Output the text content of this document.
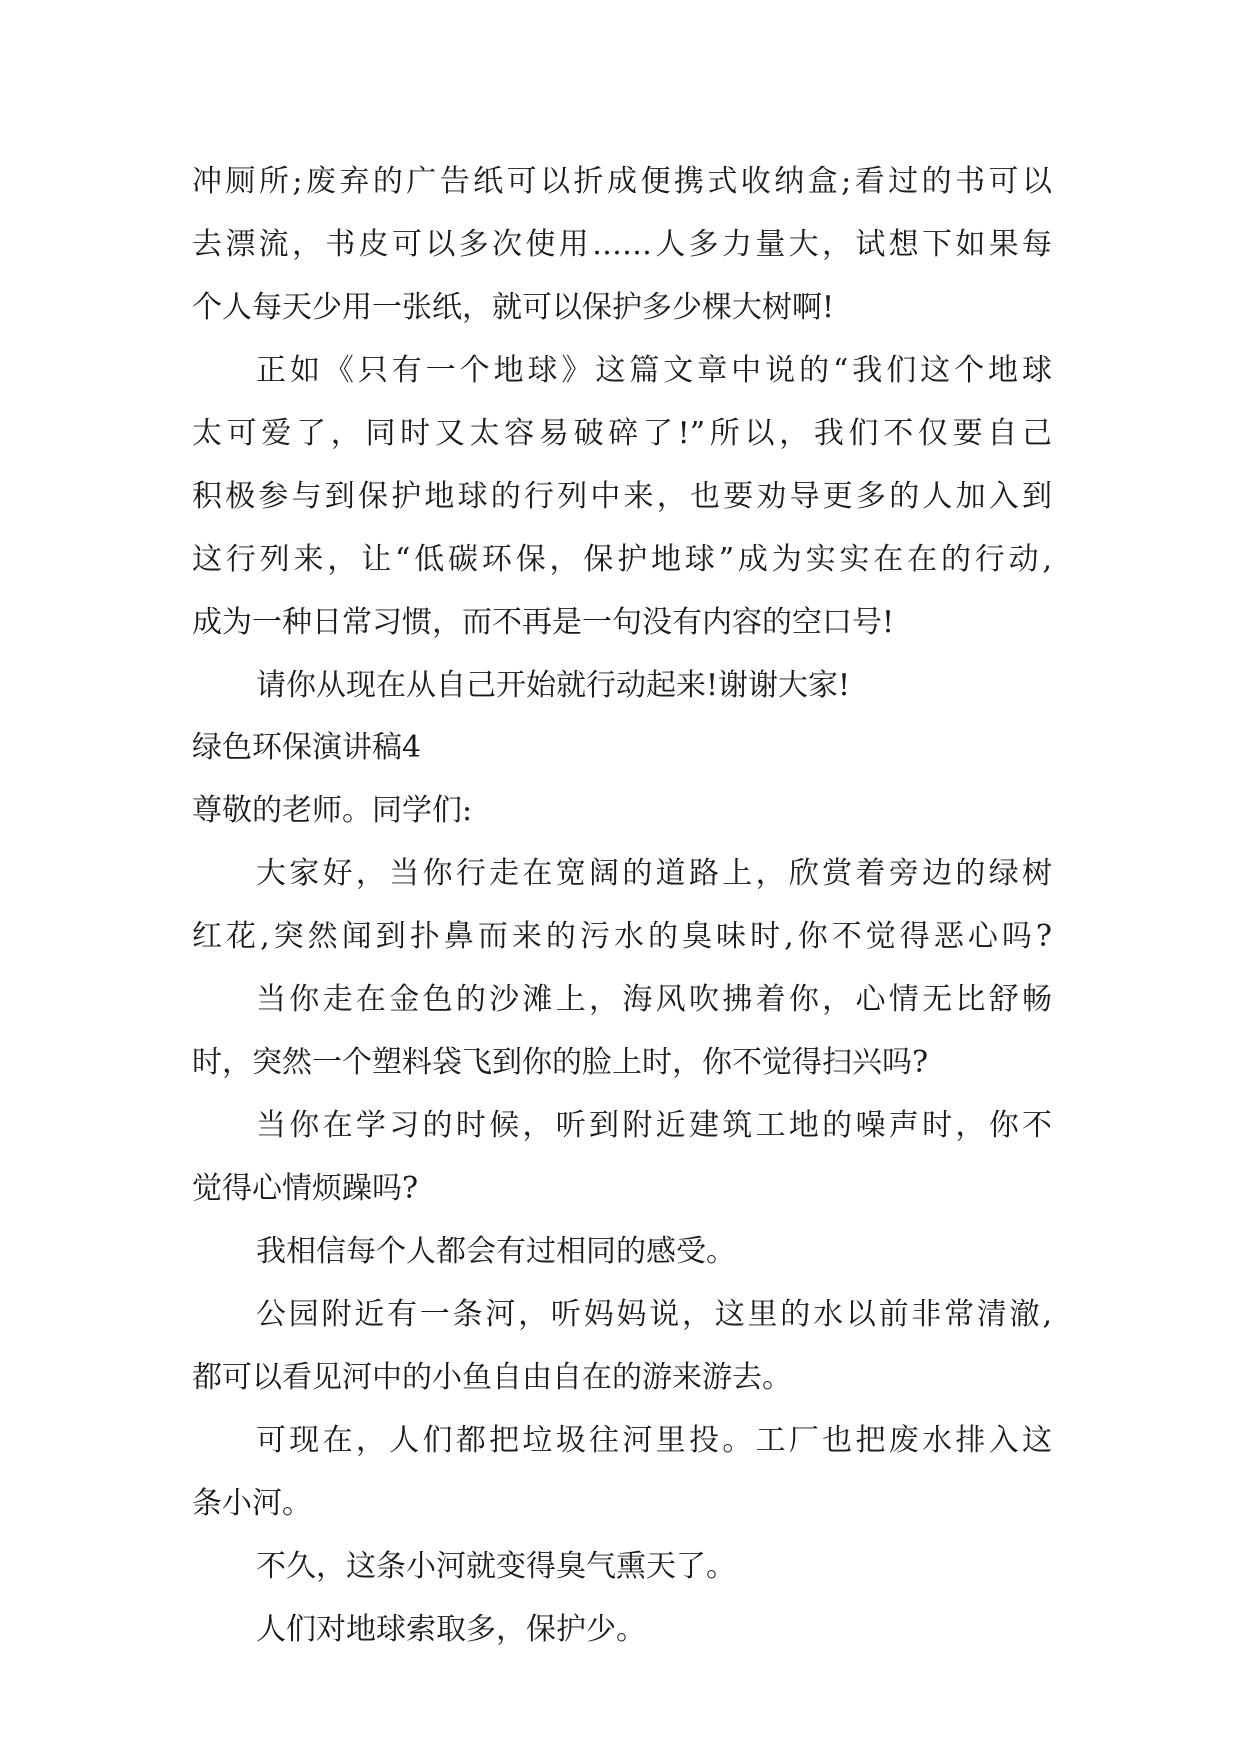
冲厕所;废弃的广告纸可以折成便携式收纳盒;看过的书可以
去漂流，书皮可以多次使用……人多力量大，试想下如果每
个人每天少用一张纸，就可以保护多少棵大树啊!
正如《只有一个地球》这篇文章中说的“我们这个地球
太可爱了，同时又太容易破碎了!”所以，我们不仅要自己
积极参与到保护地球的行列中来，也要劝导更多的人加入到
这行列来，让“低碳环保，保护地球”成为实实在在的行动,
成为一种日常习惯，而不再是一句没有内容的空口号!
请你从现在从自己开始就行动起来!谢谢大家!
绿色环保演讲稿4
尊敬的老师。同学们:
大家好，当你行走在宽阔的道路上，欣赏着旁边的绿树
红花,突然闻到扑鼻而来的污水的臭味时,你不觉得恶心吗?
当你走在金色的沙滩上，海风吹拂着你，心情无比舒畅
时，突然一个塑料袋飞到你的脸上时，你不觉得扫兴吗?
当你在学习的时候，听到附近建筑工地的噪声时，你不
觉得心情烦躁吗?
我相信每个人都会有过相同的感受。
公园附近有一条河，听妈妈说，这里的水以前非常清澈,
都可以看见河中的小鱼自由自在的游来游去。
可现在，人们都把垃圾往河里投。工厂也把废水排入这
条小河。
不久，这条小河就变得臭气熏天了。
人们对地球索取多，保护少。
